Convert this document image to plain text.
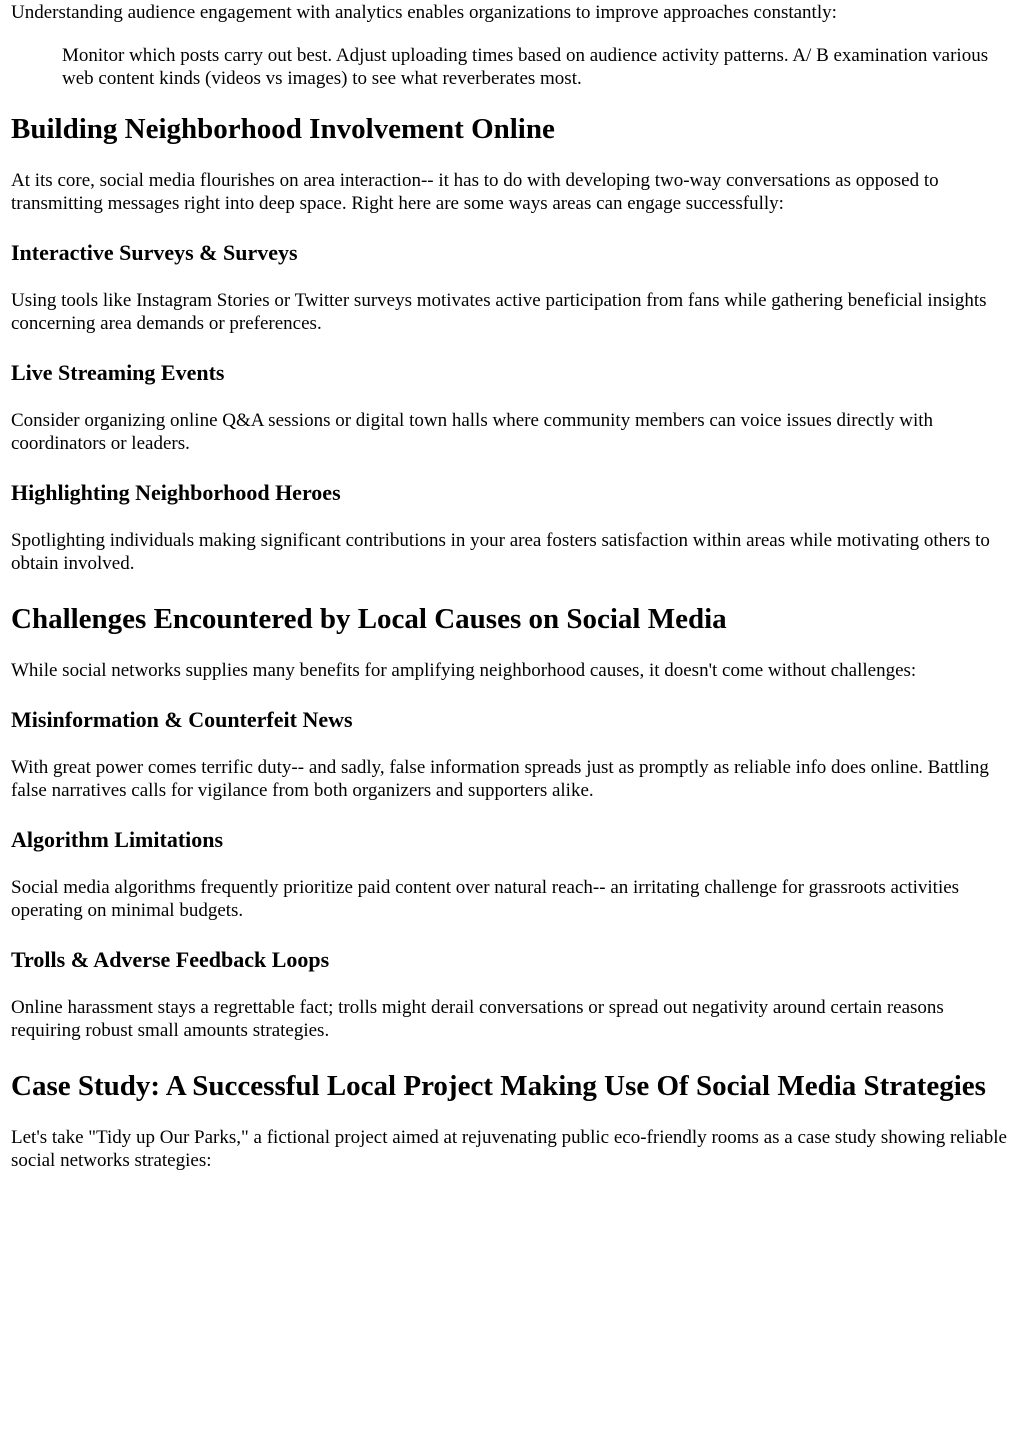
Understanding audience engagement with analytics enables organizations to improve approaches constantly:

Monitor which posts carry out best. Adjust uploading times based on audience activity patterns. A/ B examination various web content kinds (videos vs images) to see what reverberates most.
Building Neighborhood Involvement Online

At its core, social media flourishes on area interaction-- it has to do with developing two-way conversations as opposed to transmitting messages right into deep space. Right here are some ways areas can engage successfully:

Interactive Surveys & Surveys

Using tools like Instagram Stories or Twitter surveys motivates active participation from fans while gathering beneficial insights concerning area demands or preferences.

Live Streaming Events

Consider organizing online Q&A sessions or digital town halls where community members can voice issues directly with coordinators or leaders.

Highlighting Neighborhood Heroes

Spotlighting individuals making significant contributions in your area fosters satisfaction within areas while motivating others to obtain involved.

Challenges Encountered by Local Causes on Social Media

While social networks supplies many benefits for amplifying neighborhood causes, it doesn't come without challenges:

Misinformation & Counterfeit News

With great power comes terrific duty-- and sadly, false information spreads just as promptly as reliable info does online. Battling false narratives calls for vigilance from both organizers and supporters alike.

Algorithm Limitations

Social media algorithms frequently prioritize paid content over natural reach-- an irritating challenge for grassroots activities operating on minimal budgets.

Trolls & Adverse Feedback Loops

Online harassment stays a regrettable fact; trolls might derail conversations or spread out negativity around certain reasons requiring robust small amounts strategies.

Case Study: A Successful Local Project Making Use Of Social Media Strategies

Let's take "Tidy up Our Parks," a fictional project aimed at rejuvenating public eco-friendly rooms as a case study showing reliable social networks strategies:
